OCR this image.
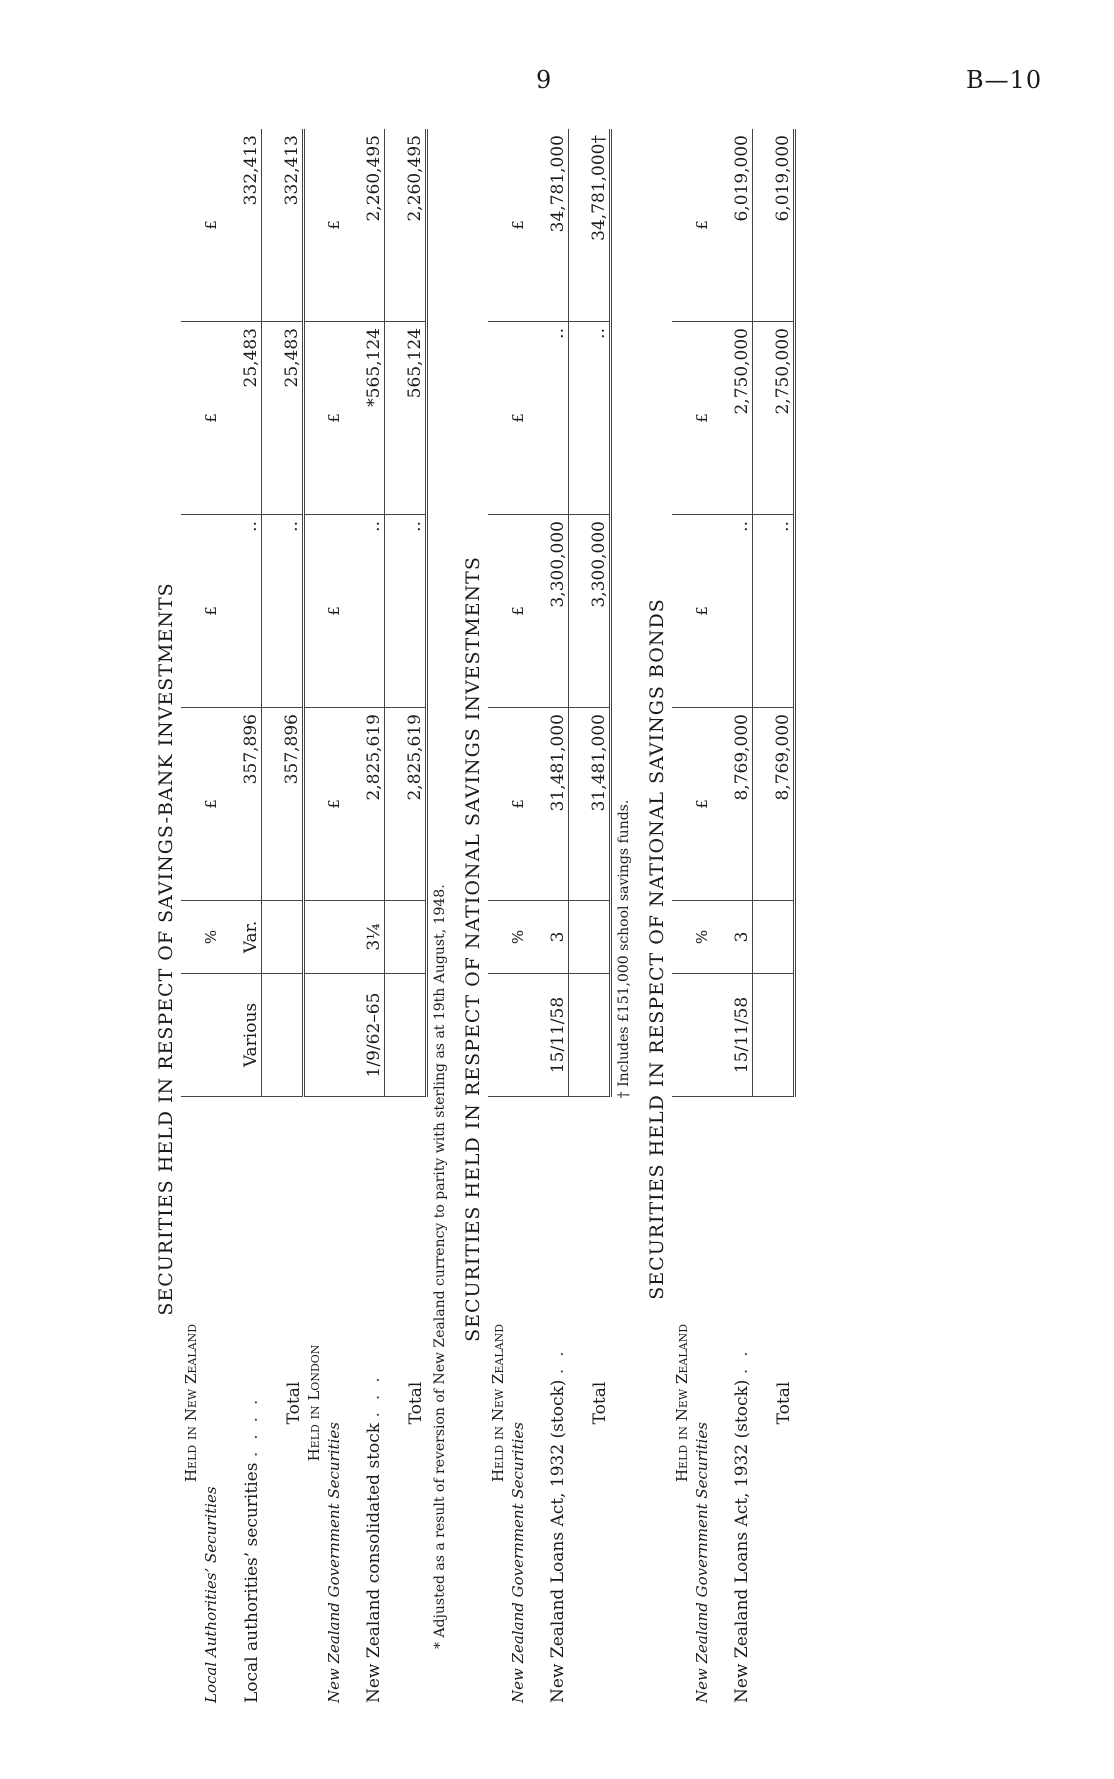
9	B—10
SECURITIES HELD IN RESPECT OF SAVINGS-BANK INVESTMENTS
Held in New Zealand						
Local Authorities’ Securities		%	£	£	£	£
Local authorities’ securities ....	Various	Var.	357,896	..	25,483	332,413
Total			357,896	..	25,483	332,413
Held in London						
New Zealand Government Securities			£	£	£	£
New Zealand consolidated stock ...	1/9/62–65	3¼	2,825,619	..	*565,124	2,260,495
Total			2,825,619	..	565,124	2,260,495
* Adjusted as a result of reversion of New Zealand currency to parity with sterling as at 19th August, 1948. SECURITIES HELD IN RESPECT OF NATIONAL SAVINGS INVESTMENTS
Held in New Zealand						
New Zealand Government Securities		%	£	£	£	£
New Zealand Loans Act, 1932 (stock) ..	15/11/58	3	31,481,000	3,300,000	..	34,781,000
Total			31,481,000	3,300,000	..	34,781,000†
† Includes £151,000 school savings funds. SECURITIES HELD IN RESPECT OF NATIONAL SAVINGS BONDS
Held in New Zealand						
New Zealand Government Securities		%	£	£	£	£
New Zealand Loans Act, 1932 (stock) ..	15/11/58	3	8,769,000	..	2,750,000	6,019,000
Total			8,769,000	..	2,750,000	6,019,000
